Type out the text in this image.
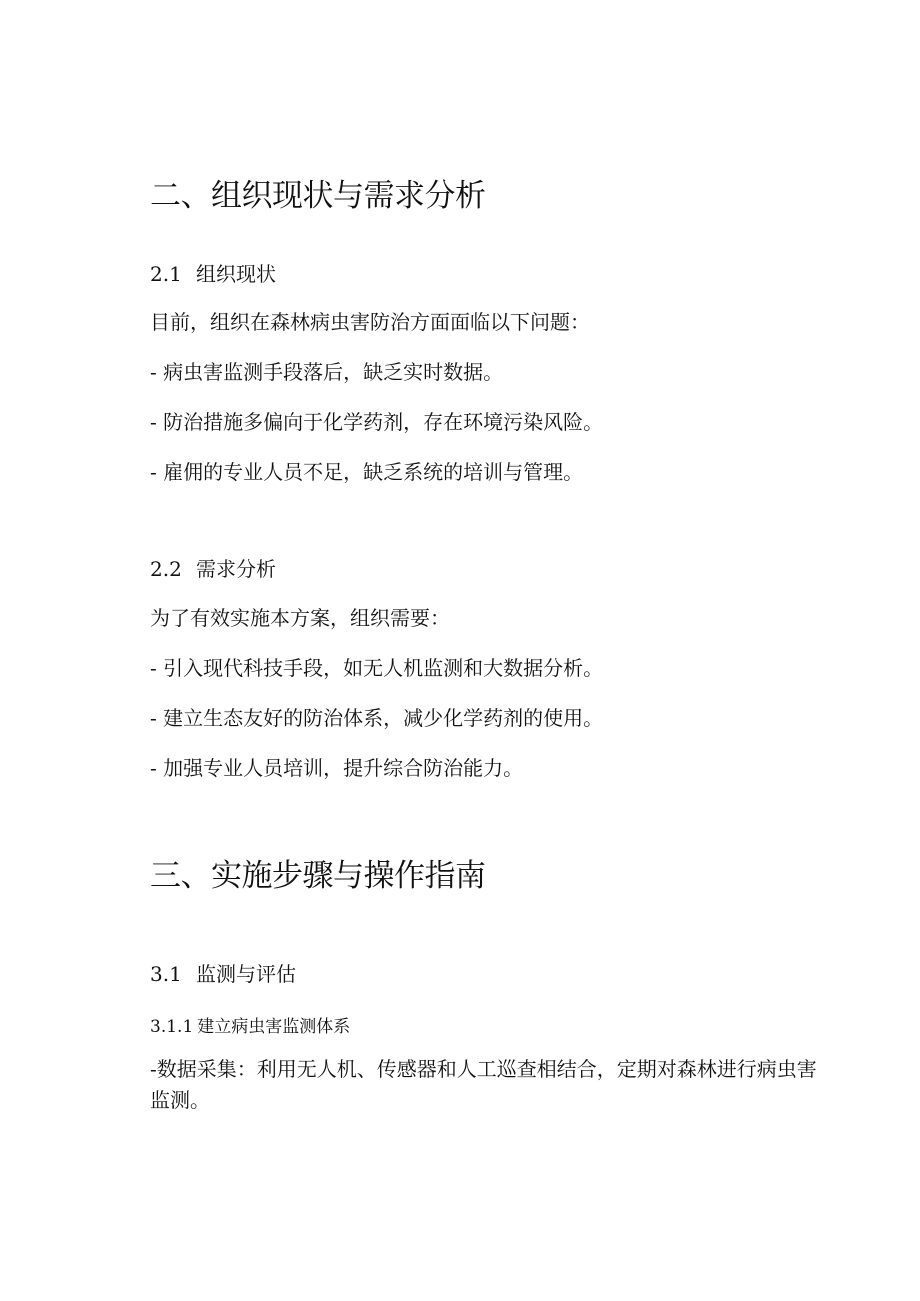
二、组织现状与需求分析
2.1 组织现状
目前，组织在森林病虫害防治方面面临以下问题：
- 病虫害监测手段落后，缺乏实时数据。
- 防治措施多偏向于化学药剂，存在环境污染风险。
- 雇佣的专业人员不足，缺乏系统的培训与管理。
2.2 需求分析
为了有效实施本方案，组织需要：
- 引入现代科技手段，如无人机监测和大数据分析。
- 建立生态友好的防治体系，减少化学药剂的使用。
- 加强专业人员培训，提升综合防治能力。
三、实施步骤与操作指南
3.1 监测与评估
3.1.1 建立病虫害监测体系
-数据采集：利用无人机、传感器和人工巡查相结合，定期对森林进行病虫害监测。
